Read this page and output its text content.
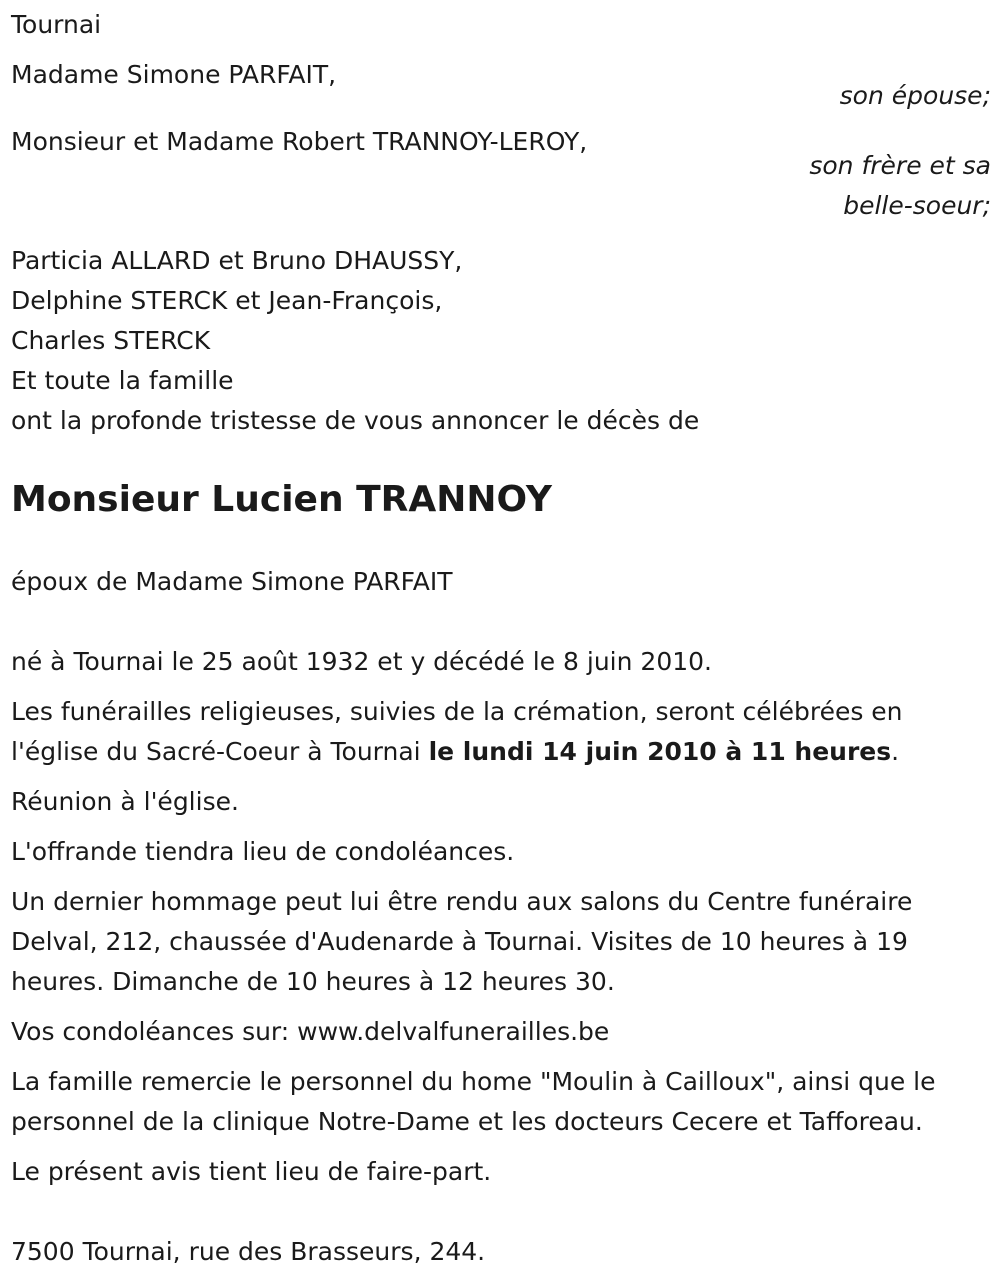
Tournai
Madame Simone PARFAIT,
son épouse;
Monsieur et Madame Robert TRANNOY-LEROY,
son frère et sa
belle-soeur;
Particia ALLARD et Bruno DHAUSSY,
Delphine STERCK et Jean-François,
Charles STERCK
Et toute la famille
ont la profonde tristesse de vous annoncer le décès de
Monsieur Lucien TRANNOY
époux de Madame Simone PARFAIT
né à Tournai le 25 août 1932 et y décédé le 8 juin 2010.
Les funérailles religieuses, suivies de la crémation, seront célébrées en l'église du Sacré-Coeur à Tournai le lundi 14 juin 2010 à 11 heures.
Réunion à l'église.
L'offrande tiendra lieu de condoléances.
Un dernier hommage peut lui être rendu aux salons du Centre funéraire Delval, 212, chaussée d'Audenarde à Tournai. Visites de 10 heures à 19 heures. Dimanche de 10 heures à 12 heures 30.
Vos condoléances sur: www.delvalfunerailles.be
La famille remercie le personnel du home "Moulin à Cailloux", ainsi que le personnel de la clinique Notre-Dame et les docteurs Cecere et Tafforeau.
Le présent avis tient lieu de faire-part.
7500 Tournai, rue des Brasseurs, 244.
